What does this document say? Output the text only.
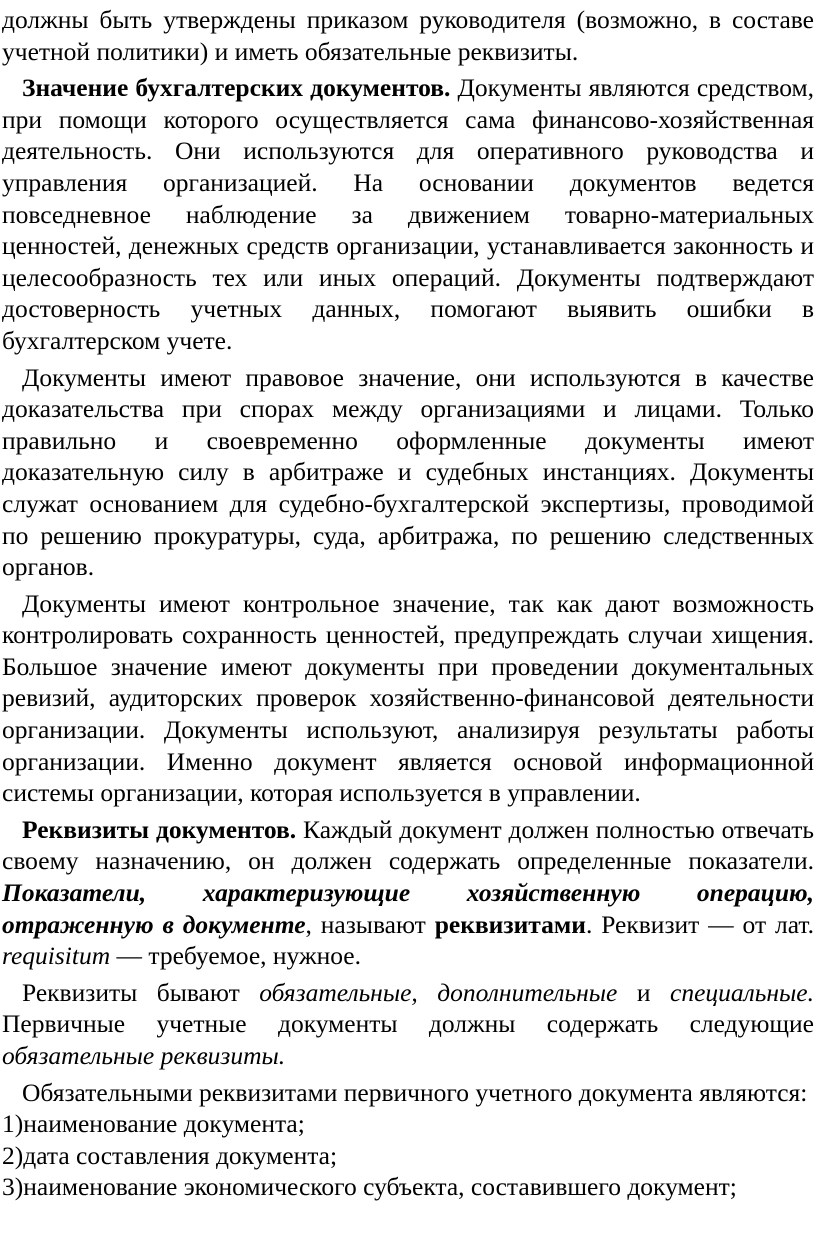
должны быть утверждены приказом руководителя (возможно, в составе учетной политики) и иметь обязательные реквизиты.

Значение бухгалтерских документов. Документы являются средством, при помощи которого осуществляется сама финансово-хозяйственная деятельность. Они используются для оперативного руководства и управления организацией. На основании документов ведется повседневное наблюдение за движением товарно-материальных ценностей, денежных средств организации, устанавливается законность и целесообразность тех или иных операций. Документы подтверждают достоверность учетных данных, помогают выявить ошибки в бухгалтерском учете.

Документы имеют правовое значение, они используются в качестве доказательства при спорах между организациями и лицами. Только правильно и своевременно оформленные документы имеют доказательную силу в арбитраже и судебных инстанциях. Документы служат основанием для судебно-бухгалтерской экспертизы, проводимой по решению прокуратуры, суда, арбитража, по решению следственных органов.

Документы имеют контрольное значение, так как дают возможность контролировать сохранность ценностей, предупреждать случаи хищения. Большое значение имеют документы при проведении документальных ревизий, аудиторских проверок хозяйственно-финансовой деятельности организации. Документы используют, анализируя результаты работы организации. Именно документ является основой информационной системы организации, которая используется в управлении.

Реквизиты документов. Каждый документ должен полностью отвечать своему назначению, он должен содержать определенные показатели. Показатели, характеризующие хозяйственную операцию, отраженную в документе, называют реквизитами. Реквизит — от лат. requisitum — требуемое, нужное.

Реквизиты бывают обязательные, дополнительные и специальные. Первичные учетные документы должны содержать следующие обязательные реквизиты.

Обязательными реквизитами первичного учетного документа являются:

1)наименование документа;

2)дата составления документа;

3)наименование экономического субъекта, составившего документ;
